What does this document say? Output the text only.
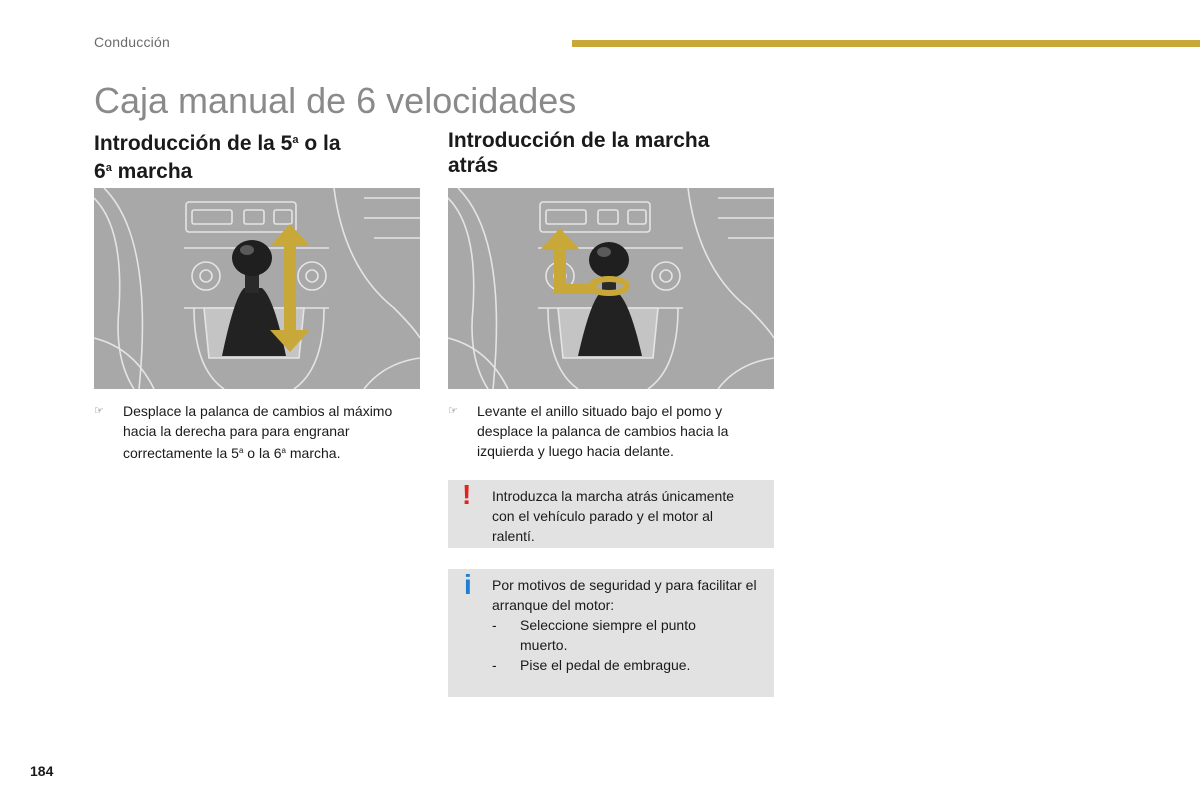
Conducción
Caja manual de 6 velocidades
Introducción de la 5$^a$ o la
6$^a$ marcha
☞	Desplace la palanca de cambios al máximo
hacia la derecha para para engranar
correctamente la 5$^a$ o la 6$^a$ marcha.
Introducción de la marcha
atrás
☞	Levante el anillo situado bajo el pomo y
desplace la palanca de cambios hacia la
izquierda y luego hacia delante.
! Introduzca la marcha atrás únicamente
con el vehículo parado y el motor al
ralentí.
i Por motivos de seguridad y para facilitar el
arranque del motor:
- Seleccione siempre el punto
muerto.
- Pise el pedal de embrague.
184
